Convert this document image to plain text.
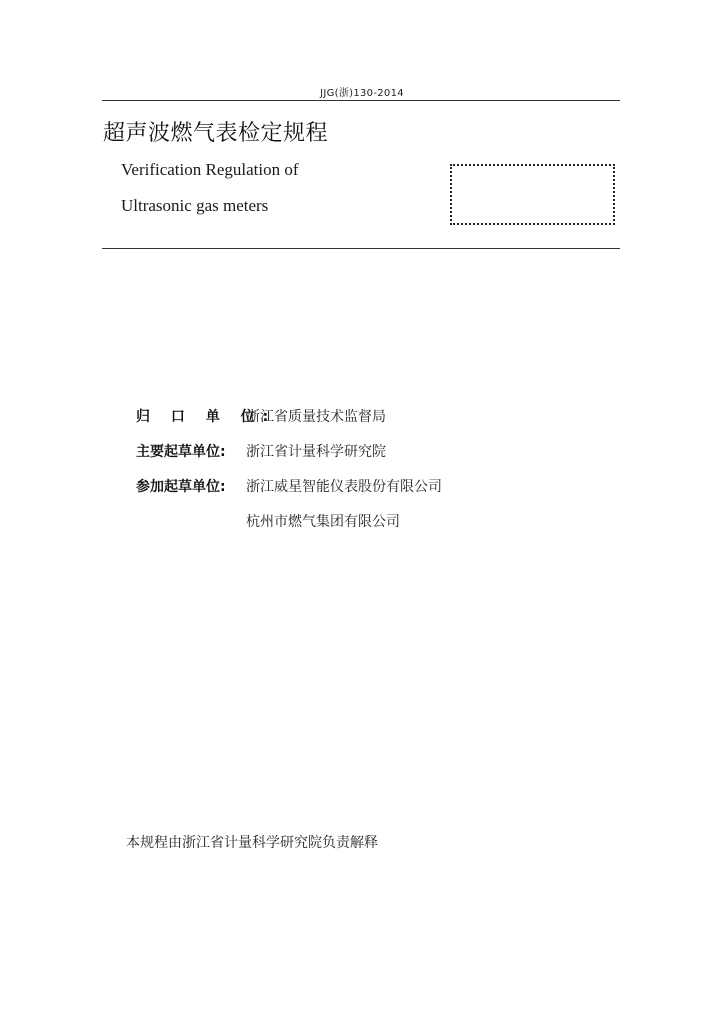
JJG(浙)130-2014
超声波燃气表检定规程
Verification Regulation of
Ultrasonic gas meters
归 口 单 位:
浙江省质量技术监督局
主要起草单位:	浙江省计量科学研究院
参加起草单位:	浙江威星智能仪表股份有限公司
杭州市燃气集团有限公司
本规程由浙江省计量科学研究院负责解释
